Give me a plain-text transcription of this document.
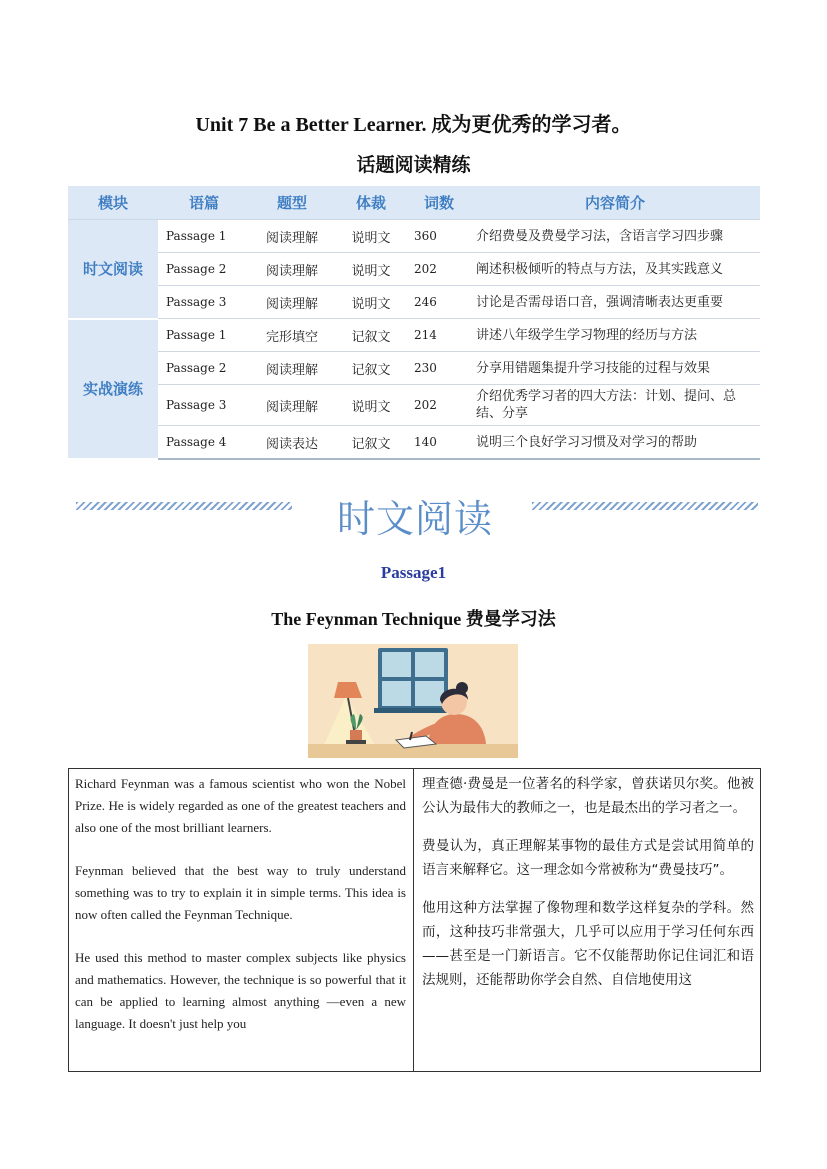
Unit 7 Be a Better Learner. 成为更优秀的学习者。
话题阅读精练
模块	语篇	题型	体裁	词数	内容简介
时文阅读	Passage 1	阅读理解	说明文	360	介绍费曼及费曼学习法，含语言学习四步骤
	Passage 2	阅读理解	说明文	202	阐述积极倾听的特点与方法，及其实践意义
	Passage 3	阅读理解	说明文	246	讨论是否需母语口音，强调清晰表达更重要
实战演练	Passage 1	完形填空	记叙文	214	讲述八年级学生学习物理的经历与方法
	Passage 2	阅读理解	记叙文	230	分享用错题集提升学习技能的过程与效果
	Passage 3	阅读理解	说明文	202	介绍优秀学习者的四大方法：计划、提问、总结、分享
	Passage 4	阅读表达	记叙文	140	说明三个良好学习习惯及对学习的帮助
时文阅读
Passage1
The Feynman Technique 费曼学习法

Richard Feynman was a famous scientist who won the Nobel Prize. He is widely regarded as one of the greatest teachers and also one of the most brilliant learners.

Feynman believed that the best way to truly understand something was to try to explain it in simple terms. This idea is now often called the Feynman Technique.

He used this method to master complex subjects like physics and mathematics. However, the technique is so powerful that it can be applied to learning almost anything —even a new language. It doesn't just help you

理查德·费曼是一位著名的科学家，曾获诺贝尔奖。他被公认为最伟大的教师之一，也是最杰出的学习者之一。

费曼认为，真正理解某事物的最佳方式是尝试用简单的语言来解释它。这一理念如今常被称为“费曼技巧”。

他用这种方法掌握了像物理和数学这样复杂的学科。然而，这种技巧非常强大，几乎可以应用于学习任何东西——甚至是一门新语言。它不仅能帮助你记住词汇和语法规则，还能帮助你学会自然、自信地使用这
